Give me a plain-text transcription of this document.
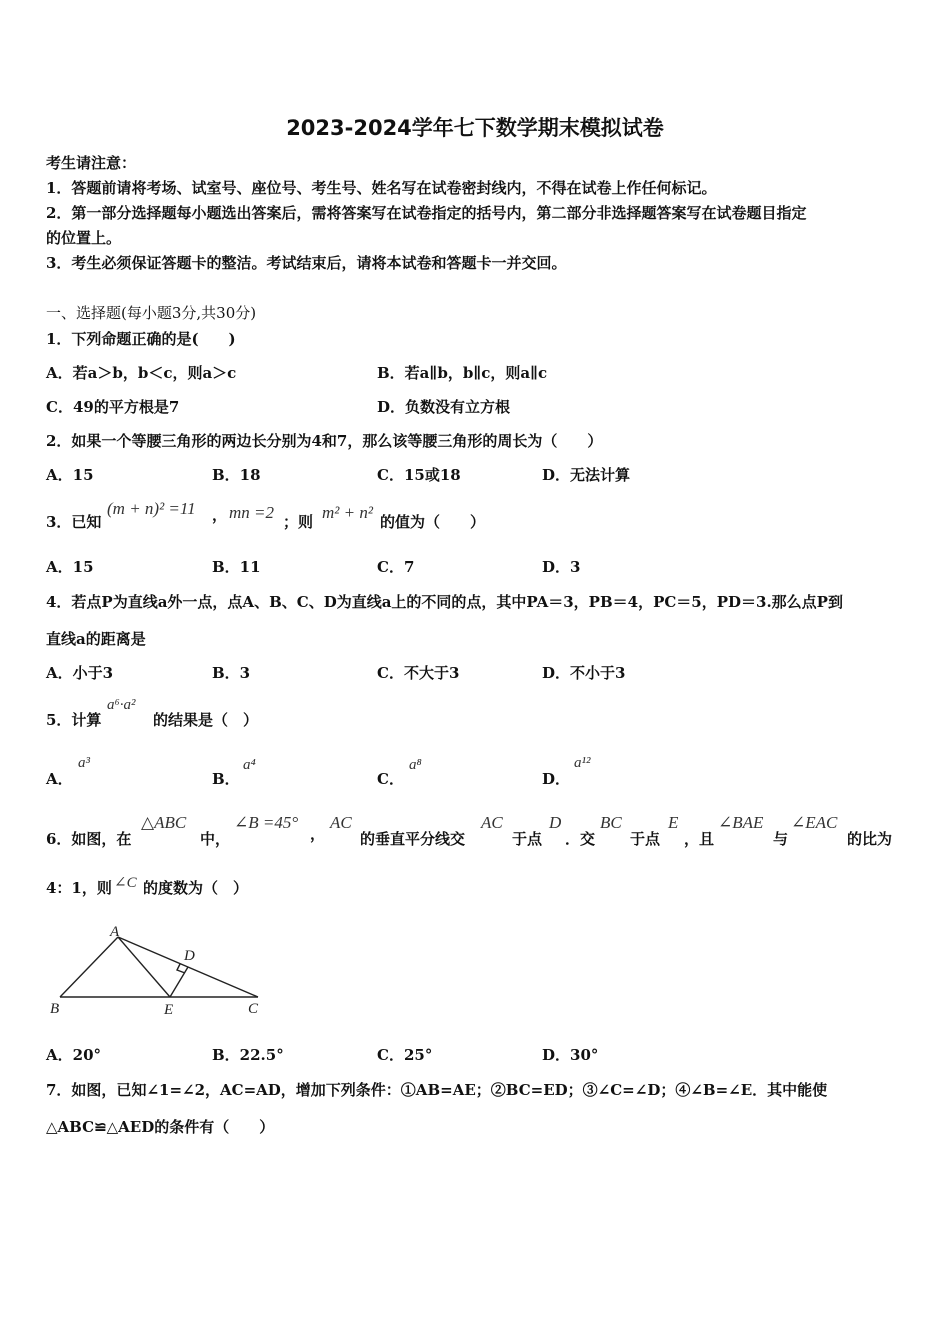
2023-2024学年七下数学期末模拟试卷
考生请注意：
1．答题前请将考场、试室号、座位号、考生号、姓名写在试卷密封线内，不得在试卷上作任何标记。
2．第一部分选择题每小题选出答案后，需将答案写在试卷指定的括号内，第二部分非选择题答案写在试卷题目指定
的位置上。
3．考生必须保证答题卡的整洁。考试结束后，请将本试卷和答题卡一并交回。
一、选择题(每小题3分,共30分)
1．下列命题正确的是(　　)
A．若a＞b，b＜c，则a＞c	B．若a∥b，b∥c，则a∥c
C．49的平方根是7	D．负数没有立方根
2．如果一个等腰三角形的两边长分别为4和7，那么该等腰三角形的周长为（　　）
A．15	B．18	C．15或18	D．无法计算
3．已知
(m + n)² =11 ， mn =2 ；则 m² + n² 的值为（　　）
A．15	B．11	C．7	D．3
4．若点P为直线a外一点，点A、B、C、D为直线a上的不同的点，其中PA＝3，PB＝4，PC＝5，PD＝3.那么点P到
直线a的距离是
A．小于3	B．3	C．不大于3	D．不小于3
5．计算
a⁶·a²
的结果是（　）
A．
a³
B．
a⁴
C．
a⁸
D．
a¹²
6．如图，在
△ABC
中，
∠B =45°
，
AC
的垂直平分线交
AC
于点
D
．交
BC
于点
E
，且
∠BAE
与
∠EAC
的比为
4：1，则 ∠C 的度数为（　）
A
B	C
D
E
A．20°	B．22.5°	C．25°	D．30°
7．如图，已知∠1=∠2，AC=AD，增加下列条件：①AB=AE；②BC=ED；③∠C=∠D；④∠B=∠E．其中能使
△ABC≌△AED的条件有（　　）
